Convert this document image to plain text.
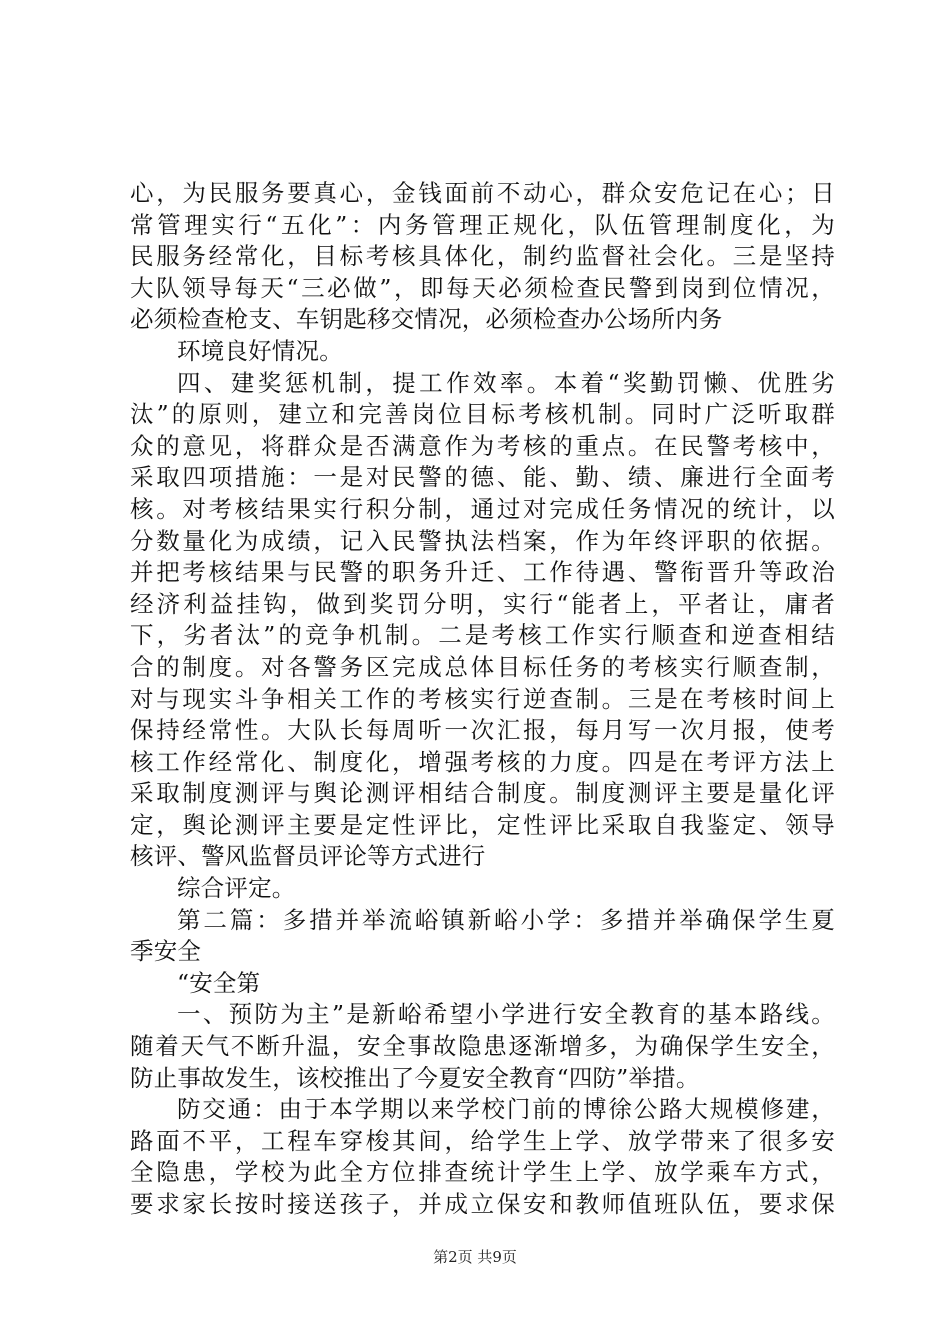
心，为民服务要真心，金钱面前不动心，群众安危记在心；日
常管理实行“五化”：内务管理正规化，队伍管理制度化，为
民服务经常化，目标考核具体化，制约监督社会化。三是坚持
大队领导每天“三必做”，即每天必须检查民警到岗到位情况，
必须检查枪支、车钥匙移交情况，必须检查办公场所内务
环境良好情况。
四、建奖惩机制，提工作效率。本着“奖勤罚懒、优胜劣
汰”的原则，建立和完善岗位目标考核机制。同时广泛听取群
众的意见，将群众是否满意作为考核的重点。在民警考核中，
采取四项措施：一是对民警的德、能、勤、绩、廉进行全面考
核。对考核结果实行积分制，通过对完成任务情况的统计，以
分数量化为成绩，记入民警执法档案，作为年终评职的依据。
并把考核结果与民警的职务升迁、工作待遇、警衔晋升等政治
经济利益挂钩，做到奖罚分明，实行“能者上，平者让，庸者
下，劣者汰”的竞争机制。二是考核工作实行顺查和逆查相结
合的制度。对各警务区完成总体目标任务的考核实行顺查制，
对与现实斗争相关工作的考核实行逆查制。三是在考核时间上
保持经常性。大队长每周听一次汇报，每月写一次月报，使考
核工作经常化、制度化，增强考核的力度。四是在考评方法上
采取制度测评与舆论测评相结合制度。制度测评主要是量化评
定，舆论测评主要是定性评比，定性评比采取自我鉴定、领导
核评、警风监督员评论等方式进行
综合评定。
第二篇：多措并举流峪镇新峪小学：多措并举确保学生夏
季安全
“安全第
一、预防为主”是新峪希望小学进行安全教育的基本路线。
随着天气不断升温，安全事故隐患逐渐增多，为确保学生安全，
防止事故发生，该校推出了今夏安全教育“四防”举措。
防交通：由于本学期以来学校门前的博徐公路大规模修建，
路面不平，工程车穿梭其间，给学生上学、放学带来了很多安
全隐患，学校为此全方位排查统计学生上学、放学乘车方式，
要求家长按时接送孩子，并成立保安和教师值班队伍，要求保
第2页 共9页
